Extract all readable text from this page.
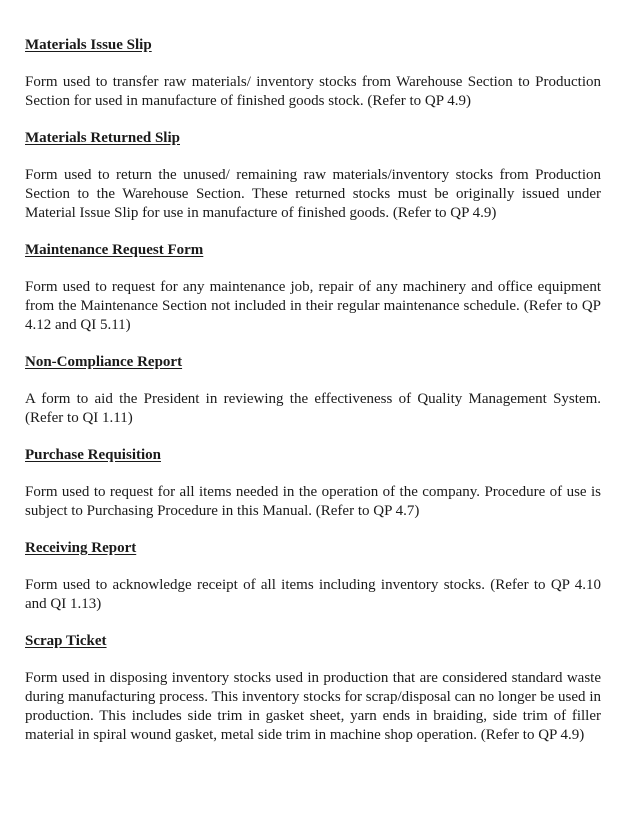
Materials Issue Slip

Form used to transfer raw materials/ inventory stocks from Warehouse Section to Production Section for used in manufacture of finished goods stock. (Refer to QP 4.9)

Materials Returned Slip

Form used to return the unused/ remaining raw materials/inventory stocks from Production Section to the Warehouse Section. These returned stocks must be originally issued under Material Issue Slip for use in manufacture of finished goods. (Refer to QP 4.9)

Maintenance Request Form

Form used to request for any maintenance job, repair of any machinery and office equipment from the Maintenance Section not included in their regular maintenance schedule. (Refer to QP 4.12 and QI 5.11)

Non-Compliance Report

A form to aid the President in reviewing the effectiveness of Quality Management System. (Refer to QI 1.11)

Purchase Requisition

Form used to request for all items needed in the operation of the company. Procedure of use is subject to Purchasing Procedure in this Manual. (Refer to QP 4.7)

Receiving Report

Form used to acknowledge receipt of all items including inventory stocks. (Refer to QP 4.10 and QI 1.13)

Scrap Ticket

Form used in disposing inventory stocks used in production that are considered standard waste during manufacturing process. This inventory stocks for scrap/disposal can no longer be used in production. This includes side trim in gasket sheet, yarn ends in braiding, side trim of filler material in spiral wound gasket, metal side trim in machine shop operation. (Refer to QP 4.9)
